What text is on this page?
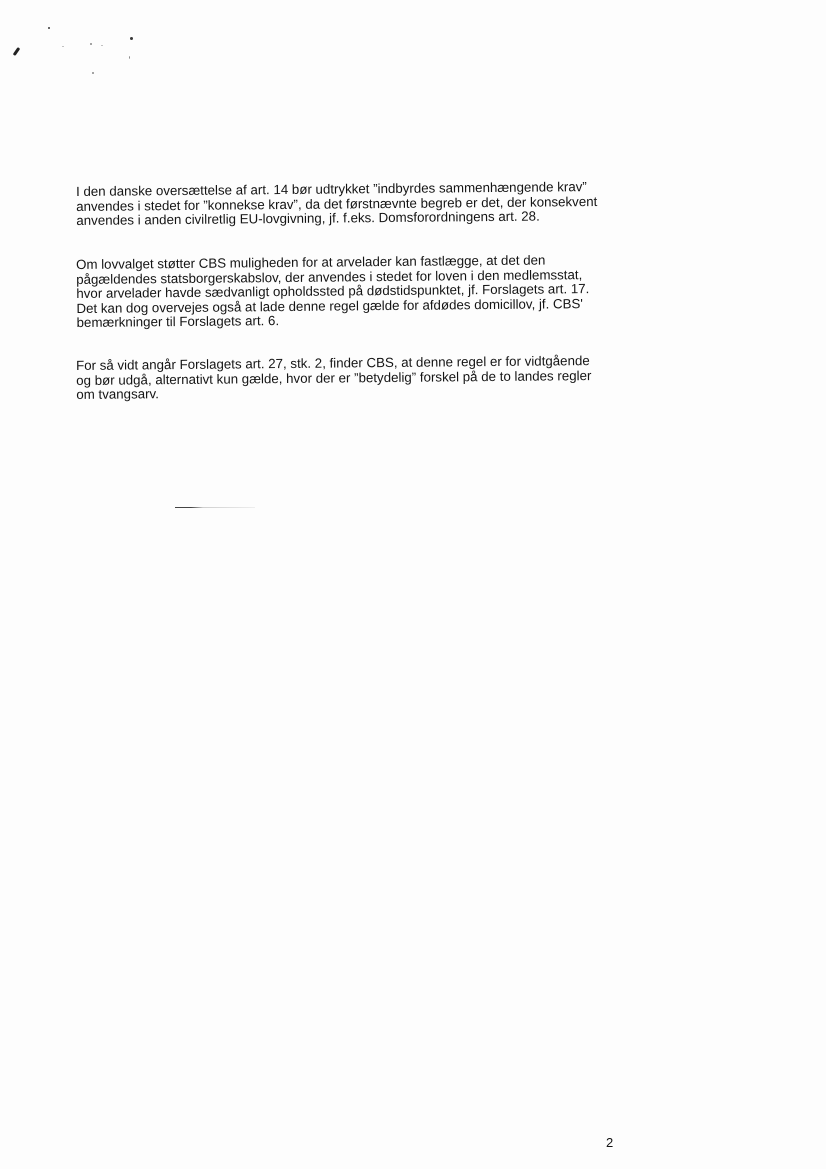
I den danske oversættelse af art. 14 bør udtrykket ”indbyrdes sammenhængende krav”
anvendes i stedet for ”konnekse krav”, da det førstnævnte begreb er det, der konsekvent
anvendes i anden civilretlig EU-lovgivning, jf. f.eks. Domsforordningens art. 28.

Om lovvalget støtter CBS muligheden for at arvelader kan fastlægge, at det den
pågældendes statsborgerskabslov, der anvendes i stedet for loven i den medlemsstat,
hvor arvelader havde sædvanligt opholdssted på dødstidspunktet, jf. Forslagets art. 17.
Det kan dog overvejes også at lade denne regel gælde for afdødes domicillov, jf. CBS'
bemærkninger til Forslagets art. 6.

For så vidt angår Forslagets art. 27, stk. 2, finder CBS, at denne regel er for vidtgående
og bør udgå, alternativt kun gælde, hvor der er ”betydelig” forskel på de to landes regler
om tvangsarv.

2
